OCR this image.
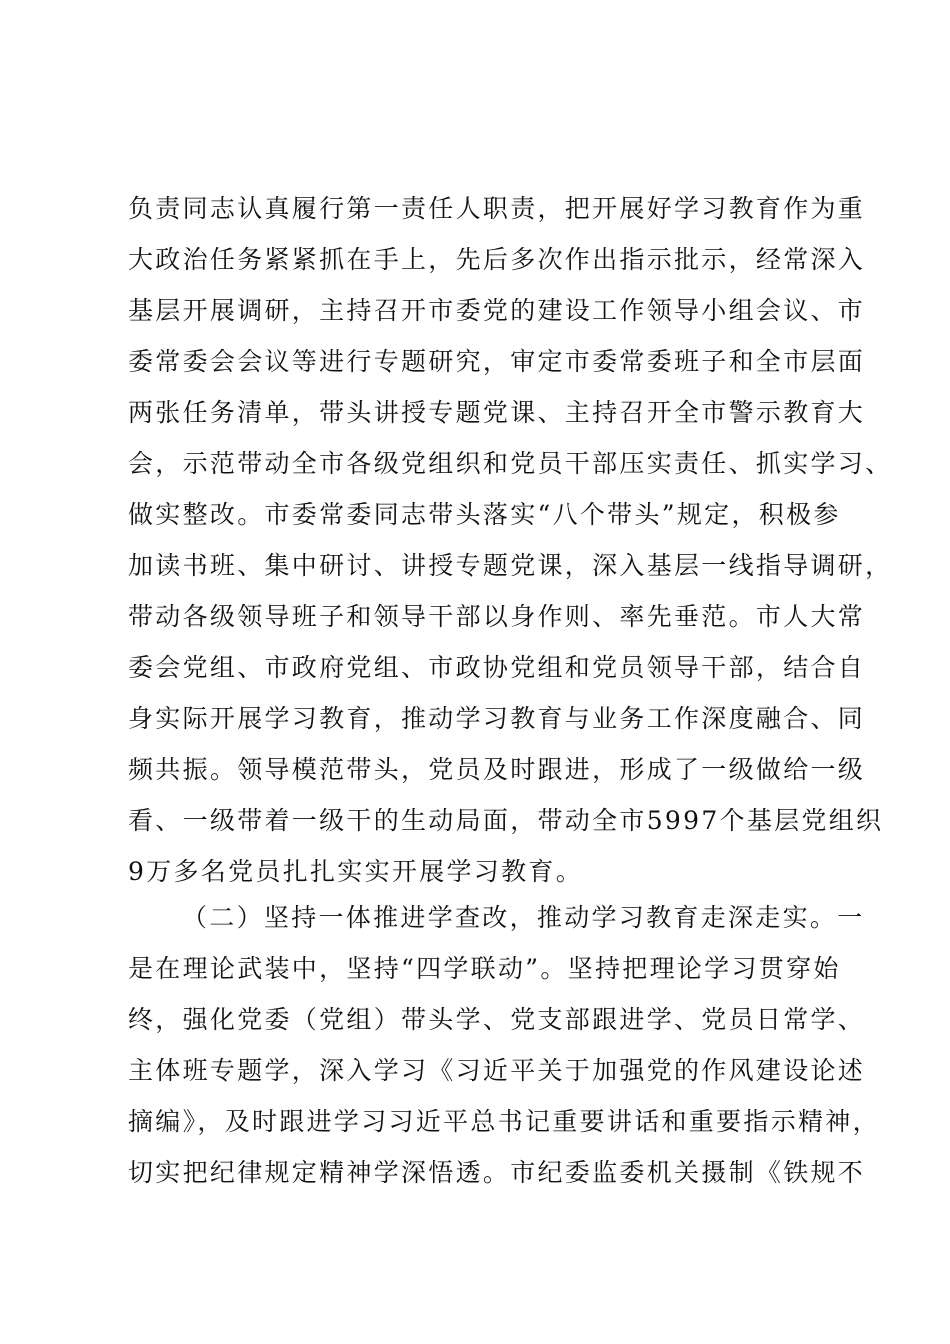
负责同志认真履行第一责任人职责，把开展好学习教育作为重
大政治任务紧紧抓在手上，先后多次作出指示批示，经常深入
基层开展调研，主持召开市委党的建设工作领导小组会议、市
委常委会会议等进行专题研究，审定市委常委班子和全市层面
两张任务清单，带头讲授专题党课、主持召开全市警示教育大
会，示范带动全市各级党组织和党员干部压实责任、抓实学习、
做实整改。市委常委同志带头落实“八个带头”规定，积极参
加读书班、集中研讨、讲授专题党课，深入基层一线指导调研，
带动各级领导班子和领导干部以身作则、率先垂范。市人大常
委会党组、市政府党组、市政协党组和党员领导干部，结合自
身实际开展学习教育，推动学习教育与业务工作深度融合、同
频共振。领导模范带头，党员及时跟进，形成了一级做给一级
看、一级带着一级干的生动局面，带动全市5997个基层党组织
9万多名党员扎扎实实开展学习教育。
（二）坚持一体推进学查改，推动学习教育走深走实。一
是在理论武装中，坚持“四学联动”。坚持把理论学习贯穿始
终，强化党委（党组）带头学、党支部跟进学、党员日常学、
主体班专题学，深入学习《习近平关于加强党的作风建设论述
摘编》，及时跟进学习习近平总书记重要讲话和重要指示精神，
切实把纪律规定精神学深悟透。市纪委监委机关摄制《铁规不
